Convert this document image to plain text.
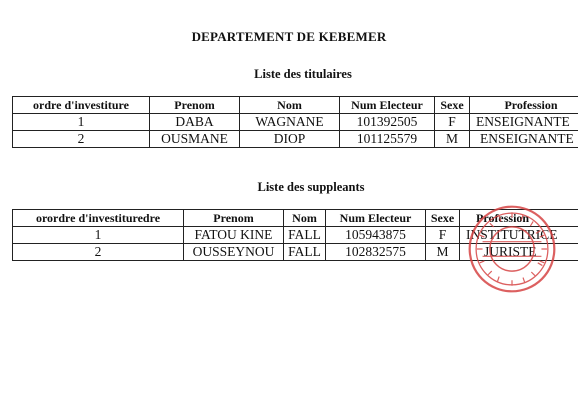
DEPARTEMENT DE KEBEMER
Liste des titulaires
ordre d'investiture	Prenom	Nom	Num Electeur	Sexe	Profession
1	DABA	WAGNANE	101392505	F	ENSEIGNANTE
2	OUSMANE	DIOP	101125579	M	ENSEIGNANTE
Liste des suppleants
orordre d'investituredre	Prenom	Nom	Num Electeur	Sexe	Profession
1	FATOU KINE	FALL	105943875	F	INSTITUTRICE
2	OUSSEYNOU	FALL	102832575	M	JURISTE
